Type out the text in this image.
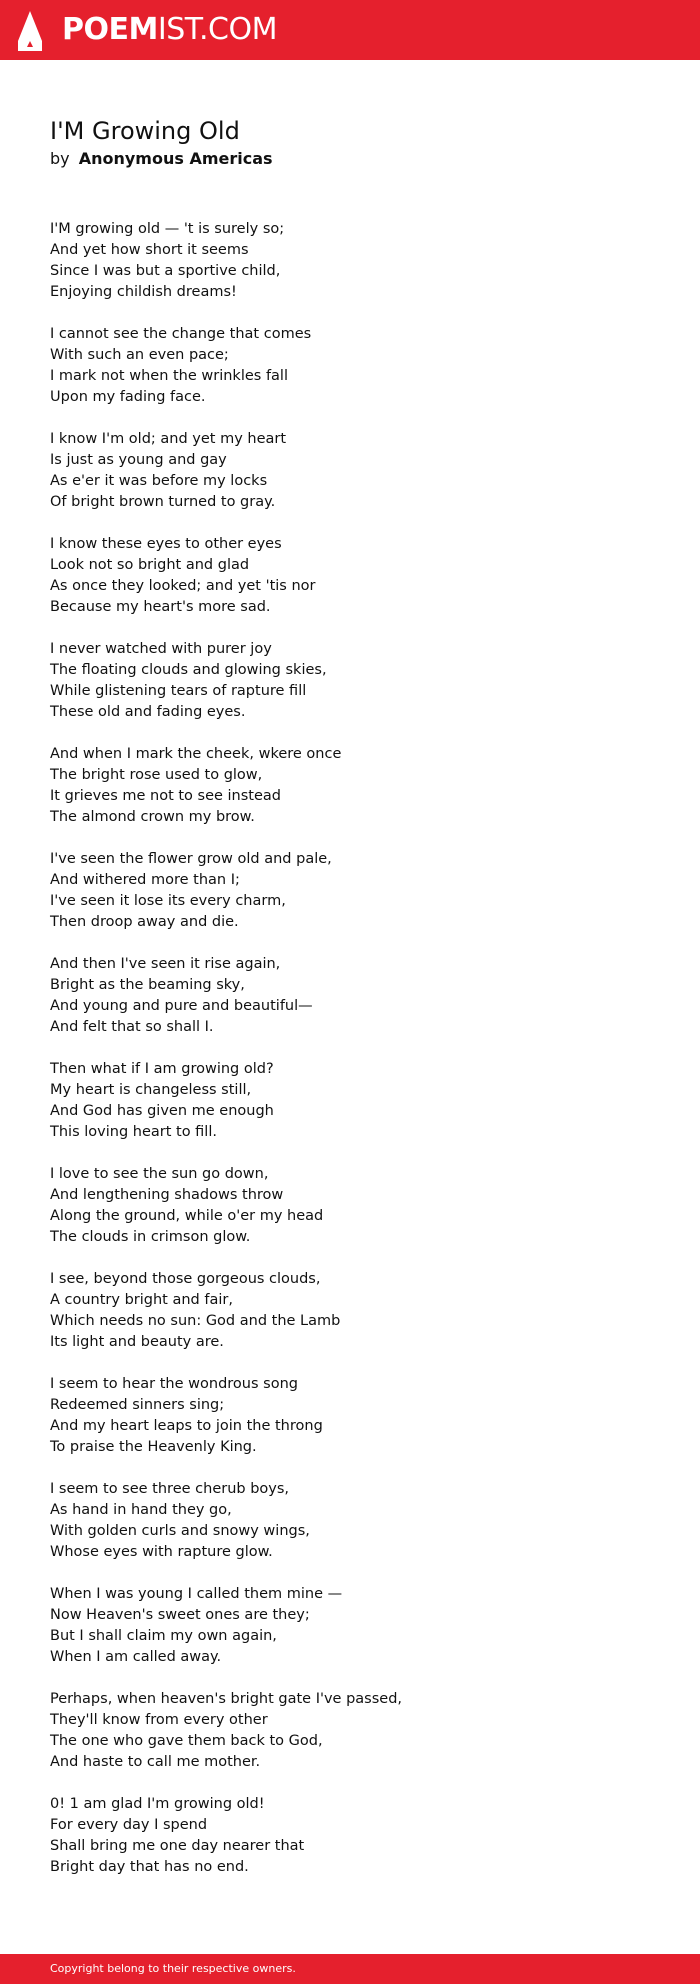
POEMIST.COM
I'M Growing Old
by Anonymous Americas
I'M growing old — 't is surely so;
And yet how short it seems
Since I was but a sportive child,
Enjoying childish dreams!
I cannot see the change that comes
With such an even pace;
I mark not when the wrinkles fall
Upon my fading face.
I know I'm old; and yet my heart
Is just as young and gay
As e'er it was before my locks
Of bright brown turned to gray.
I know these eyes to other eyes
Look not so bright and glad
As once they looked; and yet 'tis nor
Because my heart's more sad.
I never watched with purer joy
The floating clouds and glowing skies,
While glistening tears of rapture fill
These old and fading eyes.
And when I mark the cheek, wkere once
The bright rose used to glow,
It grieves me not to see instead
The almond crown my brow.
I've seen the flower grow old and pale,
And withered more than I;
I've seen it lose its every charm,
Then droop away and die.
And then I've seen it rise again,
Bright as the beaming sky,
And young and pure and beautiful—
And felt that so shall I.
Then what if I am growing old?
My heart is changeless still,
And God has given me enough
This loving heart to fill.
I love to see the sun go down,
And lengthening shadows throw
Along the ground, while o'er my head
The clouds in crimson glow.
I see, beyond those gorgeous clouds,
A country bright and fair,
Which needs no sun: God and the Lamb
Its light and beauty are.
I seem to hear the wondrous song
Redeemed sinners sing;
And my heart leaps to join the throng
To praise the Heavenly King.
I seem to see three cherub boys,
As hand in hand they go,
With golden curls and snowy wings,
Whose eyes with rapture glow.
When I was young I called them mine —
Now Heaven's sweet ones are they;
But I shall claim my own again,
When I am called away.
Perhaps, when heaven's bright gate I've passed,
They'll know from every other
The one who gave them back to God,
And haste to call me mother.
0! 1 am glad I'm growing old!
For every day I spend
Shall bring me one day nearer that
Bright day that has no end.
Copyright belong to their respective owners.
